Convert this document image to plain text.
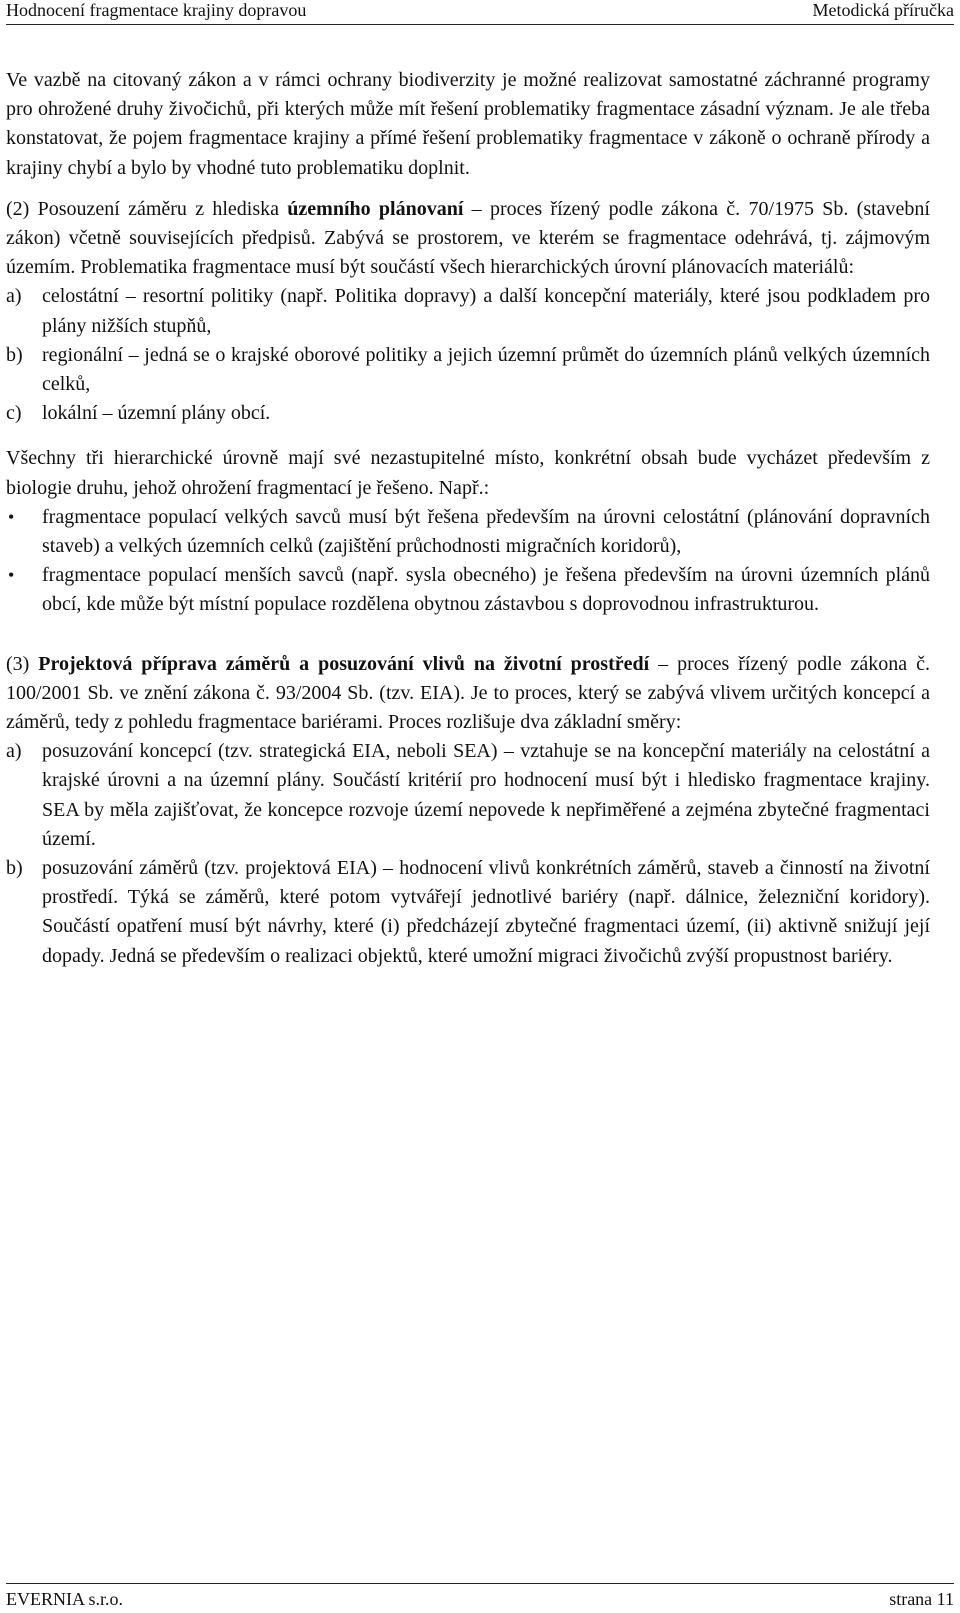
Hodnocení fragmentace krajiny dopravou	Metodická příručka

Ve vazbě na citovaný zákon a v rámci ochrany biodiverzity je možné realizovat samostatné záchranné programy pro ohrožené druhy živočichů, při kterých může mít řešení problematiky fragmentace zásadní význam. Je ale třeba konstatovat, že pojem fragmentace krajiny a přímé řešení problematiky fragmentace v zákoně o ochraně přírody a krajiny chybí a bylo by vhodné tuto problematiku doplnit.

(2) Posouzení záměru z hlediska územního plánovaní – proces řízený podle zákona č. 70/1975 Sb. (stavební zákon) včetně souvisejících předpisů. Zabývá se prostorem, ve kterém se fragmentace odehrává, tj. zájmovým územím. Problematika fragmentace musí být součástí všech hierarchických úrovní plánovacích materiálů:

a) celostátní – resortní politiky (např. Politika dopravy) a další koncepční materiály, které jsou podkladem pro plány nižších stupňů,
b) regionální – jedná se o krajské oborové politiky a jejich územní průmět do územních plánů velkých územních celků,
c) lokální – územní plány obcí.

Všechny tři hierarchické úrovně mají své nezastupitelné místo, konkrétní obsah bude vycházet především z biologie druhu, jehož ohrožení fragmentací je řešeno. Např.:

• fragmentace populací velkých savců musí být řešena především na úrovni celostátní (plánování dopravních staveb) a velkých územních celků (zajištění průchodnosti migračních koridorů),
• fragmentace populací menších savců (např. sysla obecného) je řešena především na úrovni územních plánů obcí, kde může být místní populace rozdělena obytnou zástavbou s doprovodnou infrastrukturou.

(3) Projektová příprava záměrů a posuzování vlivů na životní prostředí – proces řízený podle zákona č. 100/2001 Sb. ve znění zákona č. 93/2004 Sb. (tzv. EIA). Je to proces, který se zabývá vlivem určitých koncepcí a záměrů, tedy z pohledu fragmentace bariérami. Proces rozlišuje dva základní směry:

a) posuzování koncepcí (tzv. strategická EIA, neboli SEA) – vztahuje se na koncepční materiály na celostátní a krajské úrovni a na územní plány. Součástí kritérií pro hodnocení musí být i hledisko fragmentace krajiny. SEA by měla zajišťovat, že koncepce rozvoje území nepovede k nepřiměřené a zejména zbytečné fragmentaci území.
b) posuzování záměrů (tzv. projektová EIA) – hodnocení vlivů konkrétních záměrů, staveb a činností na životní prostředí. Týká se záměrů, které potom vytvářejí jednotlivé bariéry (např. dálnice, železniční koridory). Součástí opatření musí být návrhy, které (i) předcházejí zbytečné fragmentaci území, (ii) aktivně snižují její dopady. Jedná se především o realizaci objektů, které umožní migraci živočichů zvýší propustnost bariéry.
EVERNIA s.r.o.	strana 11
